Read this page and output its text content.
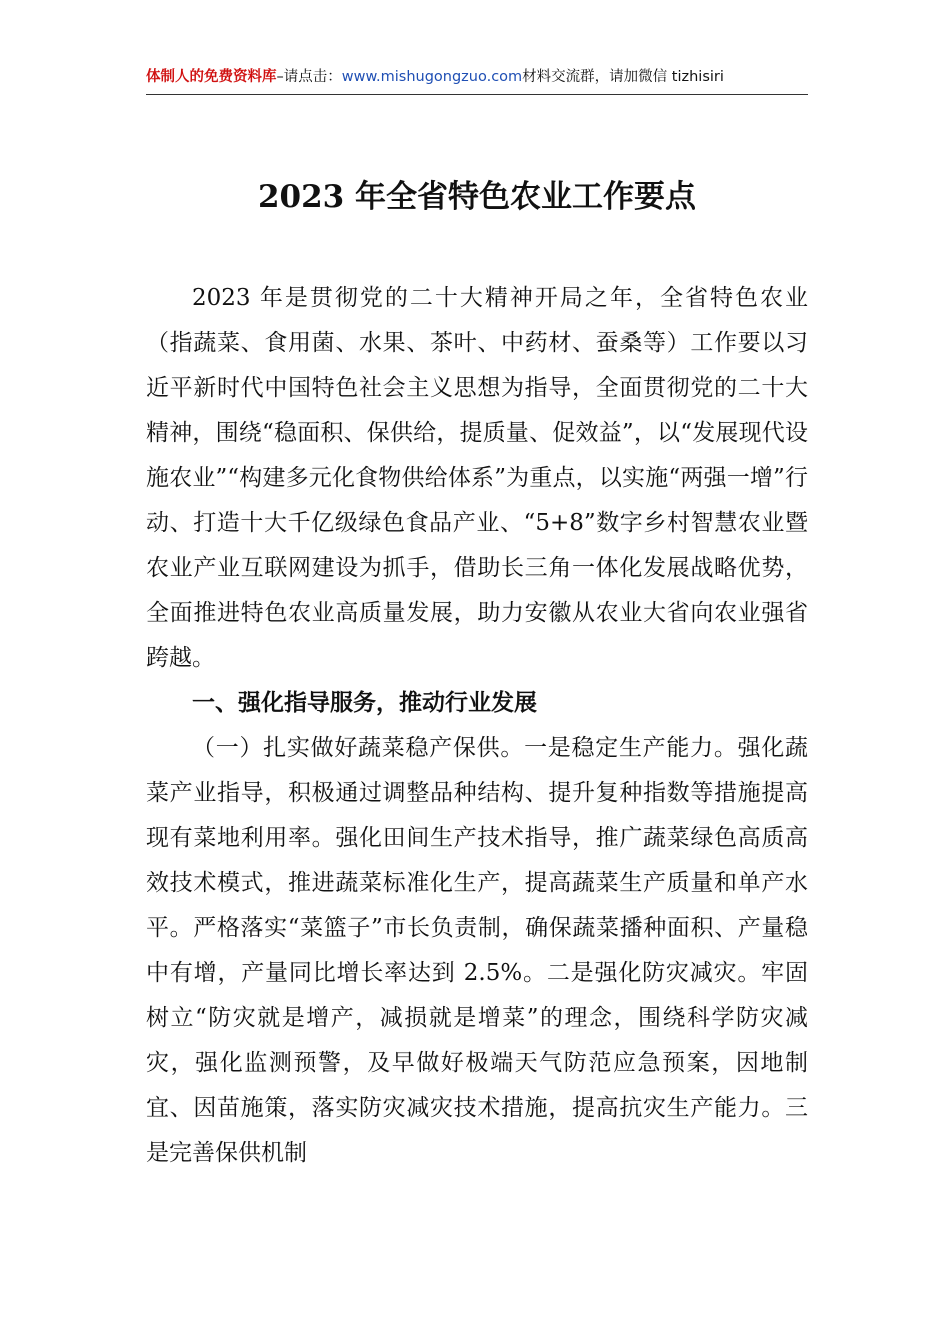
体制人的免费资料库–请点击：www.mishugongzuo.com材料交流群，请加微信 tizhisiri
2023 年全省特色农业工作要点

2023 年是贯彻党的二十大精神开局之年，全省特色农业（指蔬菜、食用菌、水果、茶叶、中药材、蚕桑等）工作要以习近平新时代中国特色社会主义思想为指导，全面贯彻党的二十大精神，围绕“稳面积、保供给，提质量、促效益”，以“发展现代设施农业”“构建多元化食物供给体系”为重点，以实施“两强一增”行动、打造十大千亿级绿色食品产业、“5+8”数字乡村智慧农业暨农业产业互联网建设为抓手，借助长三角一体化发展战略优势，全面推进特色农业高质量发展，助力安徽从农业大省向农业强省跨越。

一、强化指导服务，推动行业发展

（一）扎实做好蔬菜稳产保供。一是稳定生产能力。强化蔬菜产业指导，积极通过调整品种结构、提升复种指数等措施提高现有菜地利用率。强化田间生产技术指导，推广蔬菜绿色高质高效技术模式，推进蔬菜标准化生产，提高蔬菜生产质量和单产水平。严格落实“菜篮子”市长负责制，确保蔬菜播种面积、产量稳中有增，产量同比增长率达到 2.5%。二是强化防灾减灾。牢固树立“防灾就是增产，减损就是增菜”的理念，围绕科学防灾减灾，强化监测预警，及早做好极端天气防范应急预案，因地制宜、因苗施策，落实防灾减灾技术措施，提高抗灾生产能力。三是完善保供机制
